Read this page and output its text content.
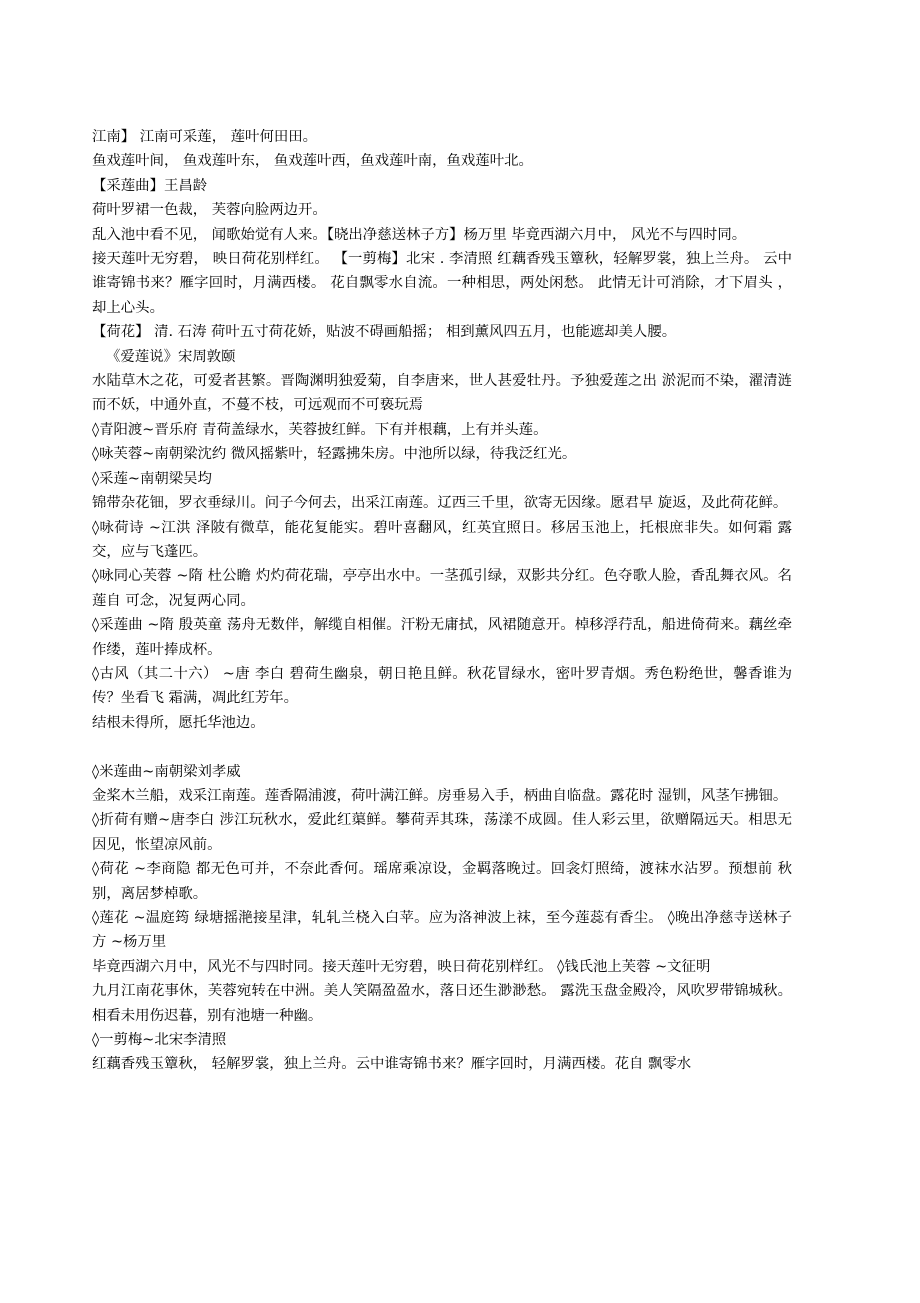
江南】 江南可采莲， 莲叶何田田。

鱼戏莲叶间， 鱼戏莲叶东， 鱼戏莲叶西，鱼戏莲叶南，鱼戏莲叶北。

【采莲曲】王昌龄

荷叶罗裙一色裁， 芙蓉向脸两边开。

乱入池中看不见， 闻歌始觉有人来。【晓出净慈送林子方】杨万里 毕竟西湖六月中， 风光不与四时同。

接天莲叶无穷碧， 映日荷花别样红。 【一剪梅】北宋 . 李清照 红藕香残玉簟秋，轻解罗裳，独上兰舟。 云中谁寄锦书来？雁字回时，月满西楼。 花自飘零水自流。一种相思，两处闲愁。 此情无计可消除，才下眉头 ，却上心头。

【荷花】 清. 石涛 荷叶五寸荷花娇，贴波不碍画船摇； 相到薰风四五月，也能遮却美人腰。

《爱莲说》宋周敦颐

水陆草木之花，可爱者甚繁。晋陶渊明独爱菊，自李唐来，世人甚爱牡丹。予独爱莲之出 淤泥而不染，濯清涟而不妖，中通外直，不蔓不枝，可远观而不可亵玩焉

◊青阳渡~晋乐府 青荷盖绿水，芙蓉披红鲜。下有并根藕，上有并头莲。

◊咏芙蓉~南朝梁沈约 微风摇紫叶，轻露拂朱房。中池所以绿，待我泛红光。

◊采莲~南朝梁吴均

锦带杂花钿，罗衣垂绿川。问子今何去，出采江南莲。辽西三千里，欲寄无因缘。愿君早 旋返，及此荷花鲜。

◊咏荷诗 ~江洪 泽陂有微草，能花复能实。碧叶喜翻风，红英宜照日。移居玉池上，托根庶非失。如何霜 露交，应与飞蓬匹。

◊咏同心芙蓉 ~隋 杜公瞻 灼灼荷花瑞，亭亭出水中。一茎孤引绿，双影共分红。色夺歌人脸，香乱舞衣风。名莲自 可念，况复两心同。

◊采莲曲 ~隋 殷英童 荡舟无数伴，解缆自相催。汗粉无庸拭，风裙随意开。棹移浮荇乱，船进倚荷来。藕丝牵 作缕，莲叶捧成杯。

◊古风（其二十六） ~唐 李白 碧荷生幽泉，朝日艳且鲜。秋花冒绿水，密叶罗青烟。秀色粉绝世，馨香谁为传？坐看飞 霜满，凋此红芳年。

结根未得所，愿托华池边。

◊米莲曲~南朝梁刘孝威

金桨木兰船，戏采江南莲。莲香隔浦渡，荷叶满江鲜。房垂易入手，柄曲自临盘。露花时 湿钏，风茎乍拂钿。

◊折荷有赠~唐李白 涉江玩秋水，爱此红蕖鲜。攀荷弄其珠，荡漾不成圆。佳人彩云里，欲赠隔远天。相思无 因见，怅望凉风前。

◊荷花 ~李商隐 都无色可并，不奈此香何。瑶席乘凉设，金羁落晚过。回衾灯照绮，渡袜水沾罗。预想前 秋别，离居梦棹歌。

◊莲花 ~温庭筠 绿塘摇滟接星津，轧轧兰桡入白苹。应为洛神波上袜，至今莲蕊有香尘。 ◊晚出净慈寺送林子方 ~杨万里

毕竟西湖六月中，风光不与四时同。接天莲叶无穷碧，映日荷花别样红。 ◊钱氏池上芙蓉 ~文征明

九月江南花事休，芙蓉宛转在中洲。美人笑隔盈盈水，落日还生渺渺愁。 露洗玉盘金殿冷，风吹罗带锦城秋。相看未用伤迟暮，别有池塘一种幽。

◊一剪梅~北宋李清照

红藕香残玉簟秋， 轻解罗裳，独上兰舟。云中谁寄锦书来？雁字回时，月满西楼。花自 飘零水
